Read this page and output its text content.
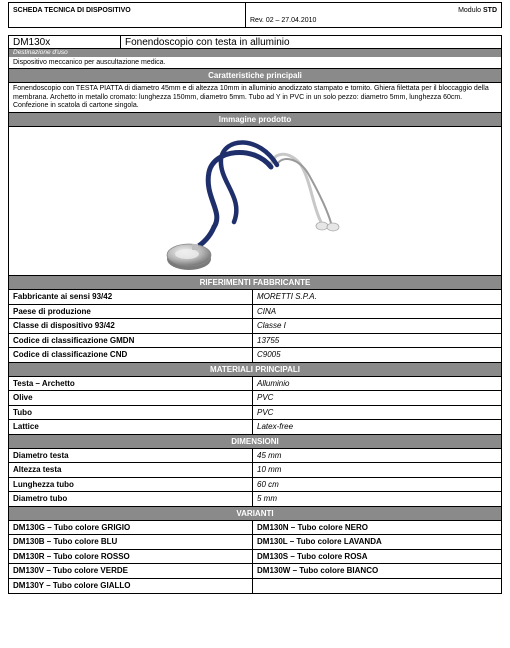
SCHEDA TECNICA DI DISPOSITIVO
Rev. 02 – 27.04.2010
Modulo STD
DM130x	Fonendoscopio con testa in alluminio
Destinazione d'uso
Dispositivo meccanico per auscultazione medica.
Caratteristiche principali
Fonendoscopio con TESTA PIATTA di diametro 45mm e di altezza 10mm in alluminio anodizzato stampato e tornito. Ghiera filettata per il bloccaggio della membrana. Archetto in metallo cromato: lunghezza 150mm, diametro 5mm. Tubo ad Y in PVC in un solo pezzo: diametro 5mm, lunghezza 60cm. Confezione in scatola di cartone singola.
Immagine prodotto
RIFERIMENTI FABBRICANTE
Fabbricante ai sensi 93/42	MORETTI S.P.A.
Paese di produzione	CINA
Classe di dispositivo 93/42	Classe I
Codice di classificazione GMDN	13755
Codice di classificazione CND	C9005
MATERIALI PRINCIPALI
Testa – Archetto	Alluminio
Olive	PVC
Tubo	PVC
Lattice	Latex-free
DIMENSIONI
Diametro testa	45 mm
Altezza testa	10 mm
Lunghezza tubo	60 cm
Diametro tubo	5 mm
VARIANTI
DM130G – Tubo colore GRIGIO	DM130N – Tubo colore NERO
DM130B – Tubo colore BLU	DM130L – Tubo colore LAVANDA
DM130R – Tubo colore ROSSO	DM130S – Tubo colore ROSA
DM130V – Tubo colore VERDE	DM130W – Tubo colore BIANCO
DM130Y – Tubo colore GIALLO
